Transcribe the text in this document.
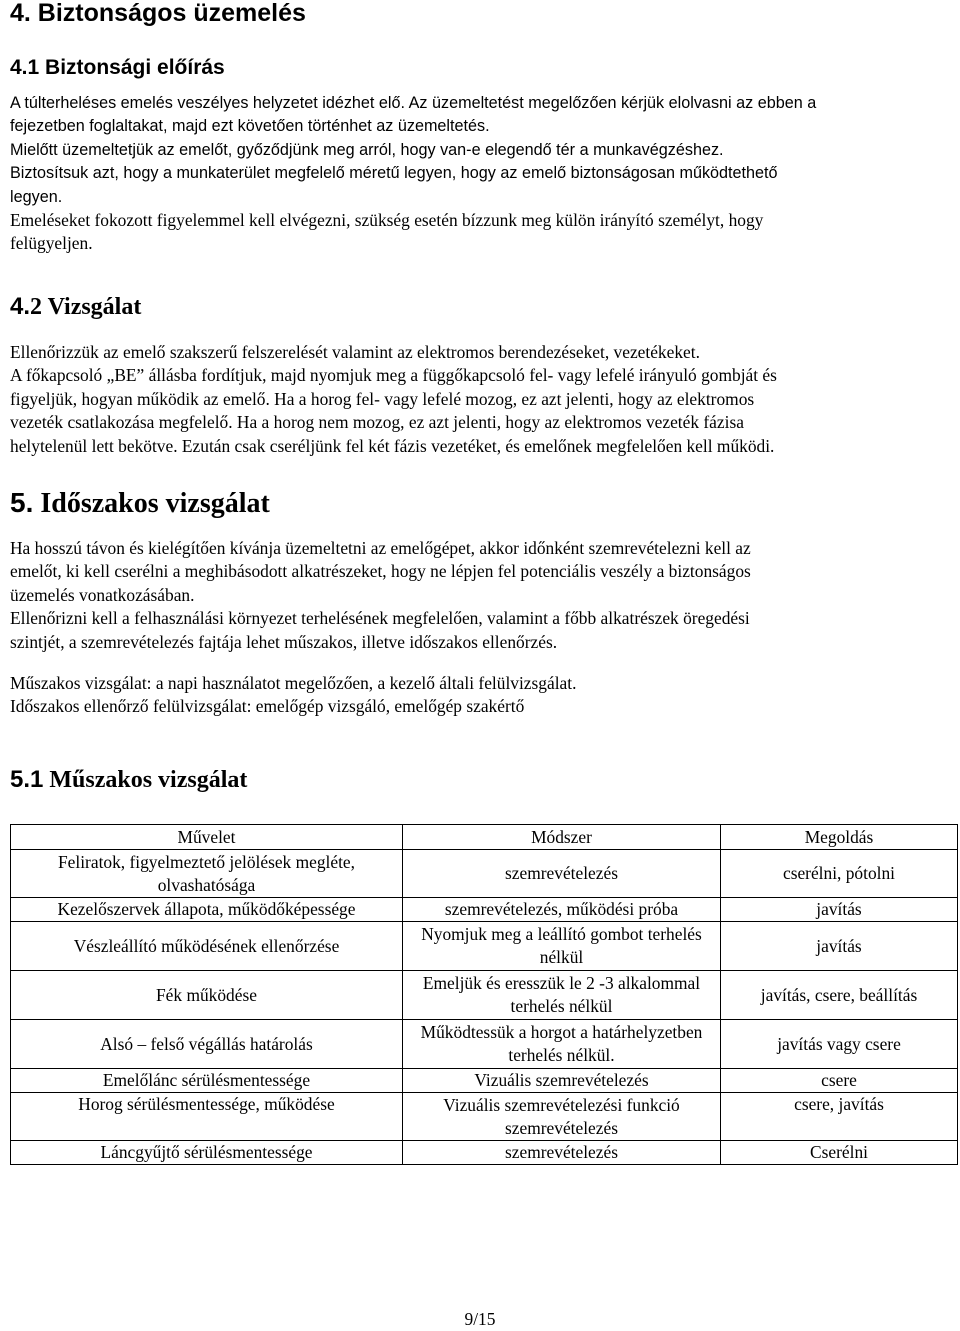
4. Biztonságos üzemelés
4.1 Biztonsági előírás
A túlterheléses emelés veszélyes helyzetet idézhet elő. Az üzemeltetést megelőzően kérjük elolvasni az ebben a
fejezetben foglaltakat, majd ezt követően történhet az üzemeltetés.
Mielőtt üzemeltetjük az emelőt, győződjünk meg arról, hogy van-e elegendő tér a munkavégzéshez.
Biztosítsuk azt, hogy a munkaterület megfelelő méretű legyen, hogy az emelő biztonságosan működtethető
legyen.
Emeléseket fokozott figyelemmel kell elvégezni, szükség esetén bízzunk meg külön irányító személyt, hogy
felügyeljen.
4.2 Vizsgálat
Ellenőrizzük az emelő szakszerű felszerelését valamint az elektromos berendezéseket, vezetékeket.
A főkapcsoló „BE” állásba fordítjuk, majd nyomjuk meg a függőkapcsoló fel- vagy lefelé irányuló gombját és
figyeljük, hogyan működik az emelő. Ha a horog fel- vagy lefelé mozog, ez azt jelenti, hogy az elektromos
vezeték csatlakozása megfelelő. Ha a horog nem mozog, ez azt jelenti, hogy az elektromos vezeték fázisa
helytelenül lett bekötve. Ezután csak cseréljünk fel két fázis vezetéket, és emelőnek megfelelően kell működi.
5. Időszakos vizsgálat
Ha hosszú távon és kielégítően kívánja üzemeltetni az emelőgépet, akkor időnként szemrevételezni kell az
emelőt, ki kell cserélni a meghibásodott alkatrészeket, hogy ne lépjen fel potenciális veszély a biztonságos
üzemelés vonatkozásában.
Ellenőrizni kell a felhasználási környezet terhelésének megfelelően, valamint a főbb alkatrészek öregedési
szintjét, a szemrevételezés fajtája lehet műszakos, illetve időszakos ellenőrzés.
Műszakos vizsgálat: a napi használatot megelőzően, a kezelő általi felülvizsgálat.
Időszakos ellenőrző felülvizsgálat: emelőgép vizsgáló, emelőgép szakértő
5.1 Műszakos vizsgálat
Művelet	Módszer	Megoldás
Feliratok, figyelmeztető jelölések megléte, olvashatósága	szemrevételezés	cserélni, pótolni
Kezelőszervek állapota, működőképessége	szemrevételezés, működési próba	javítás
Vészleállító működésének ellenőrzése	Nyomjuk meg a leállító gombot terhelés nélkül	javítás
Fék működése	Emeljük és eresszük le 2 -3 alkalommal terhelés nélkül	javítás, csere, beállítás
Alsó – felső végállás határolás	Működtessük a horgot a határhelyzetben terhelés nélkül.	javítás vagy csere
Emelőlánc sérülésmentessége	Vizuális szemrevételezés	csere
Horog sérülésmentessége, működése	Vizuális szemrevételezési funkció szemrevételezés	csere, javítás
Láncgyűjtő sérülésmentessége	szemrevételezés	Cserélni
9/15
